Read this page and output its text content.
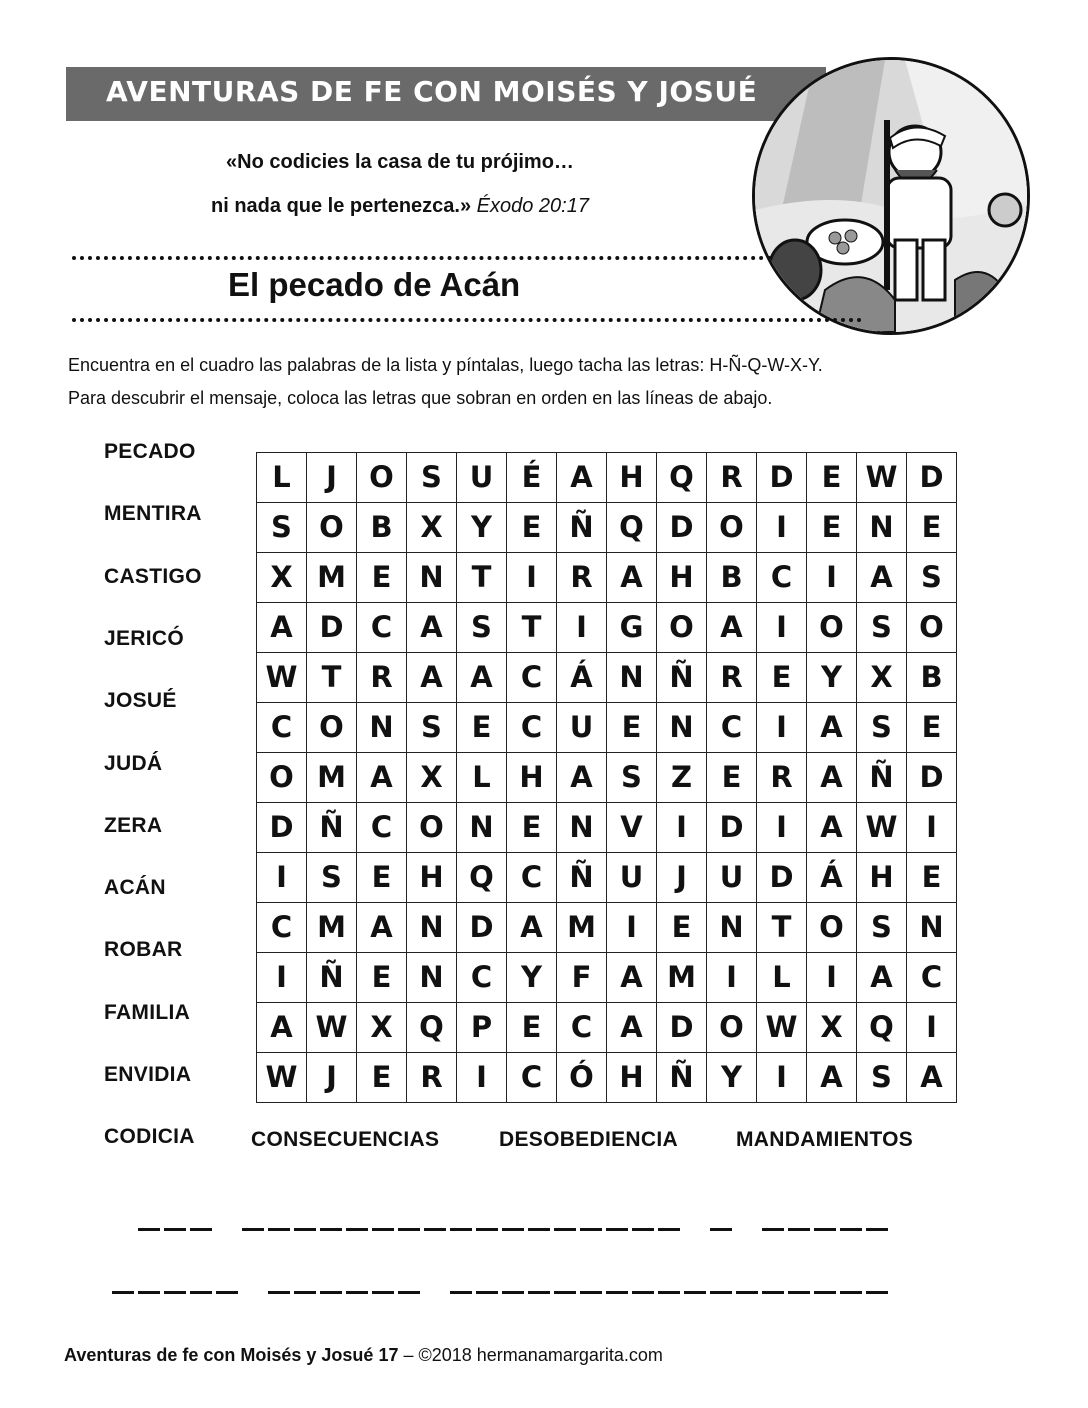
AVENTURAS DE FE CON MOISÉS Y JOSUÉ
«No codicies la casa de tu prójimo…
ni nada que le pertenezca.» Éxodo 20:17
El pecado de Acán
Encuentra en el cuadro las palabras de la lista y píntalas, luego tacha las letras: H-Ñ-Q-W-X-Y.
Para descubrir el mensaje, coloca las letras que sobran en orden en las líneas de abajo.
PECADO
MENTIRA
CASTIGO
JERICÓ
JOSUÉ
JUDÁ
ZERA
ACÁN
ROBAR
FAMILIA
ENVIDIA
CODICIA
L	J	O	S	U	É	A	H	Q	R	D	E	W	D
S	O	B	X	Y	E	Ñ	Q	D	O	I	E	N	E
X	M	E	N	T	I	R	A	H	B	C	I	A	S
A	D	C	A	S	T	I	G	O	A	I	O	S	O
W	T	R	A	A	C	Á	N	Ñ	R	E	Y	X	B
C	O	N	S	E	C	U	E	N	C	I	A	S	E
O	M	A	X	L	H	A	S	Z	E	R	A	Ñ	D
D	Ñ	C	O	N	E	N	V	I	D	I	A	W	I
I	S	E	H	Q	C	Ñ	U	J	U	D	Á	H	E
C	M	A	N	D	A	M	I	E	N	T	O	S	N
I	Ñ	E	N	C	Y	F	A	M	I	L	I	A	C
A	W	X	Q	P	E	C	A	D	O	W	X	Q	I
W	J	E	R	I	C	Ó	H	Ñ	Y	I	A	S	A
CONSECUENCIAS	DESOBEDIENCIA	MANDAMIENTOS
Aventuras de fe con Moisés y Josué 17 – ©2018 hermanamargarita.com
